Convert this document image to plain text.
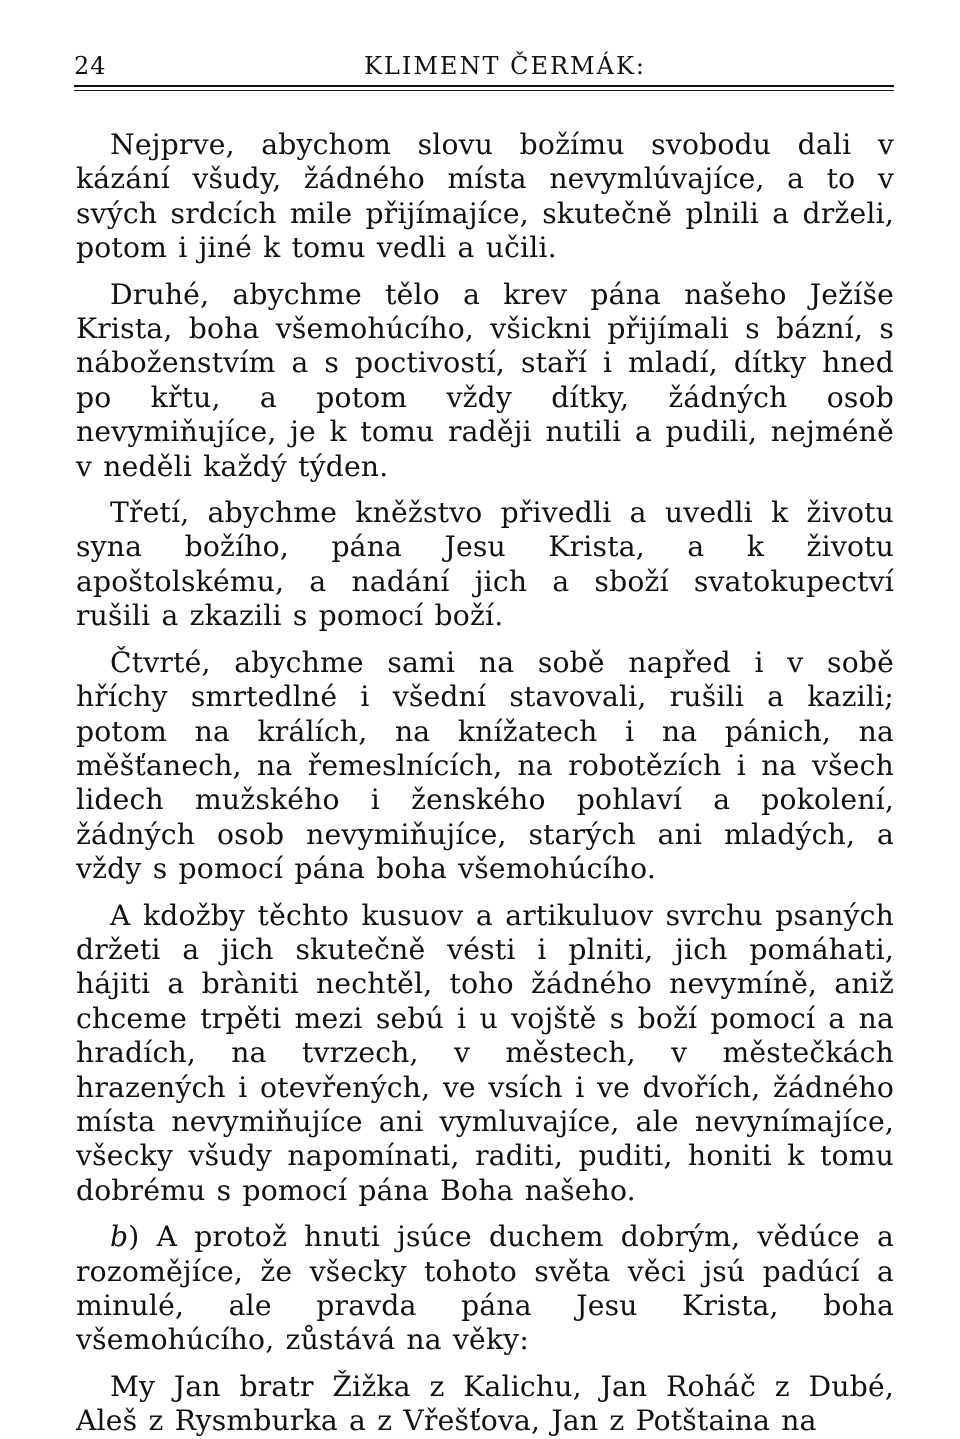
24	KLIMENT ČERMÁK:

Nejprve, abychom slovu božímu svobodu dali v kázání všudy, žádného místa nevymlúvajíce, a to v svých srdcích mile přijímajíce, skutečně plnili a drželi, potom i jiné k tomu vedli a učili.

Druhé, abychme tělo a krev pána našeho Ježíše Krista, boha všemohúcího, všickni přijímali s bázní, s náboženstvím a s poctivostí, staří i mladí, dítky hned po křtu, a potom vždy dítky, žádných osob nevymiňujíce, je k tomu raději nutili a pudili, nejméně v neděli každý týden.

Třetí, abychme kněžstvo přivedli a uvedli k životu syna božího, pána Jesu Krista, a k životu apoštolskému, a nadání jich a sboží svatokupectví rušili a zkazili s pomocí boží.

Čtvrté, abychme sami na sobě napřed i v sobě hříchy smrtedlné i všední stavovali, rušili a kazili; potom na králích, na knížatech i na pánich, na měšťanech, na řemeslnících, na robotězích i na všech lidech mužského i ženského pohlaví a pokolení, žádných osob nevymiňujíce, starých ani mladých, a vždy s pomocí pána boha všemohúcího.

A kdožby těchto kusuov a artikuluov svrchu psaných držeti a jich skutečně vésti i plniti, jich pomáhati, hájiti a bràniti nechtěl, toho žádného nevymíně, aniž chceme trpěti mezi sebú i u vojště s boží pomocí a na hradích, na tvrzech, v městech, v městečkách hrazených i otevřených, ve vsích i ve dvořích, žádného místa nevymiňujíce ani vymluvajíce, ale nevynímajíce, všecky všudy napomínati, raditi, puditi, honiti k tomu dobrému s pomocí pána Boha našeho.

b) A protož hnuti jsúce duchem dobrým, vědúce a rozomějíce, že všecky tohoto světa věci jsú padúcí a minulé, ale pravda pána Jesu Krista, boha všemohúcího, zůstává na věky:

My Jan bratr Žižka z Kalichu, Jan Roháč z Dubé, Aleš z Rysmburka a z Vřešťova, Jan z Potštaina na
